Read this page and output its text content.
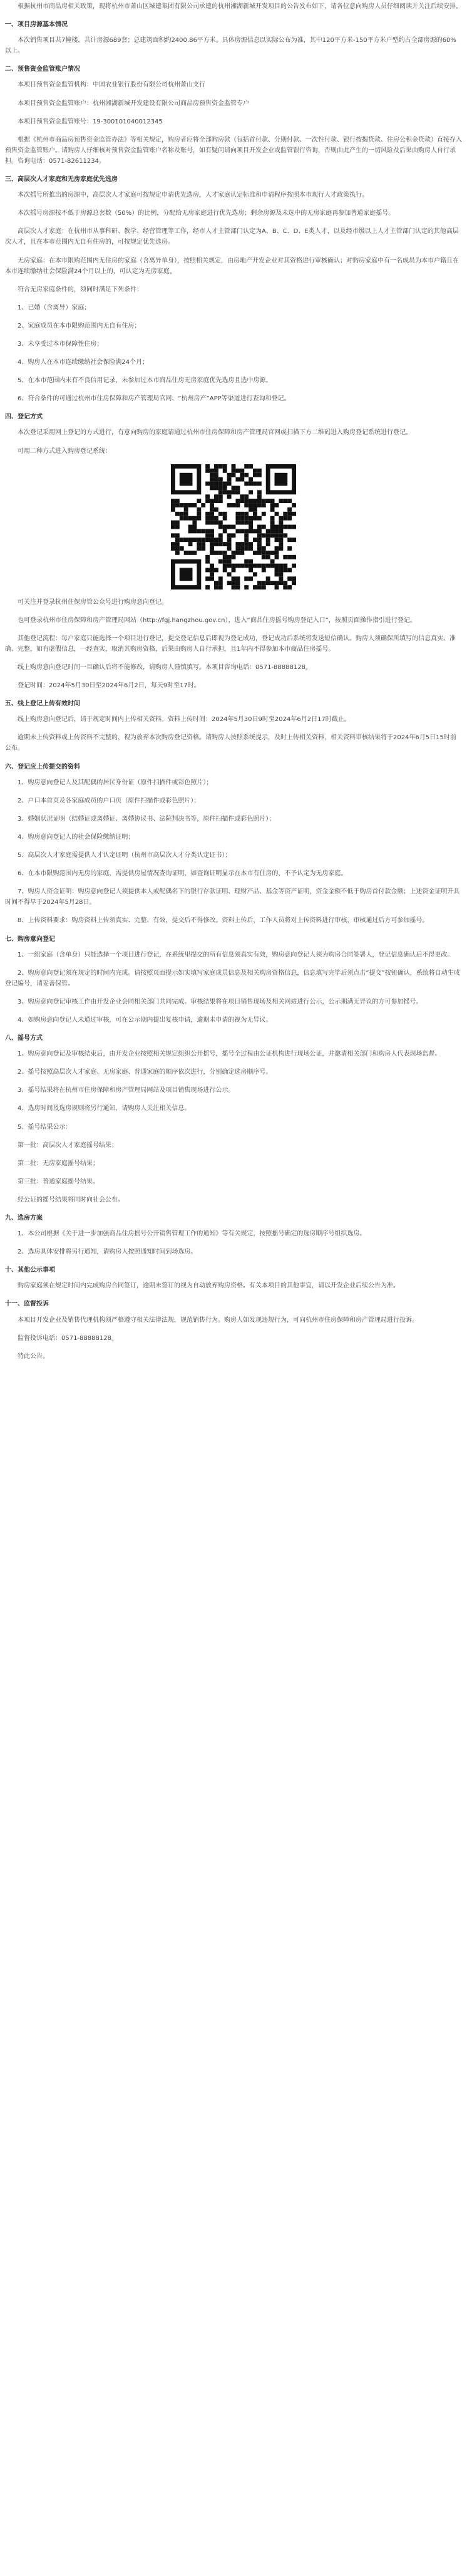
根据杭州市商品房相关政策，现将杭州市萧山区城建集团有限公司承建的杭州湘湖新城开发项目的公告发布如下，请各位意向购房人员仔细阅读并关注后续安排。

一、项目房源基本情况

本次销售项目共7幢楼，共计房源689套；总建筑面积约2400.86平方米。具体房源信息以实际公布为准，其中120平方米-150平方米户型约占全部房源的60%以上。

二、预售资金监管账户情况

本项目预售资金监管机构：中国农业银行股份有限公司杭州萧山支行

本项目预售资金监管账户：杭州湘湖新城开发建设有限公司商品房预售资金监管专户

本项目预售资金监管账号：19-300101040012345

根据《杭州市商品房预售资金监管办法》等相关规定，购房者应将全部购房款（包括首付款、分期付款、一次性付款、银行按揭贷款、住房公积金贷款）直接存入预售资金监管账户。请购房人仔细核对预售资金监管账户名称及账号，如有疑问请向项目开发企业或监管银行咨询，否则由此产生的一切风险及后果由购房人自行承担。咨询电话：0571-82611234。

三、高层次人才家庭和无房家庭优先选房

本次摇号所推出的房源中，高层次人才家庭可按规定申请优先选房，人才家庭认定标准和申请程序按照本市现行人才政策执行。

本次摇号房源按不低于房源总套数（50%）的比例，分配给无房家庭进行优先选房；剩余房源及未选中的无房家庭再参加普通家庭摇号。

高层次人才家庭：在杭州市从事科研、教学、经营管理等工作，经市人才主管部门认定为A、B、C、D、E类人才，以及经市级以上人才主管部门认定的其他高层次人才，且在本市范围内无自有住房的，可按规定优先选房。

无房家庭：在本市限购范围内无住房的家庭（含离异单身），按照相关规定，由房地产开发企业对其资格进行审核确认；对购房家庭中有一名成员为本市户籍且在本市连续缴纳社会保险满24个月以上的，可认定为无房家庭。

符合无房家庭条件的，须同时满足下列条件：

1、已婚（含离异）家庭；

2、家庭成员在本市限购范围内无自有住房；

3、未享受过本市保障性住房；

4、购房人在本市连续缴纳社会保险满24个月；

5、在本市范围内未有不良信用记录，未参加过本市商品住房无房家庭优先选房且选中房源。

6、符合条件的可通过杭州市住房保障和房产管理局官网、“杭州房产”APP等渠道进行查询和登记。

四、登记方式

本次登记采用网上登记的方式进行，有意向购房的家庭请通过杭州市住房保障和房产管理局官网或扫描下方二维码进入购房登记系统进行登记。

可用二种方式进入购房登记系统：

可关注并登录杭州住保房管公众号进行购房意向登记。

也可登录杭州市住房保障和房产管理局网站（http://fgj.hangzhou.gov.cn），进入“商品住房摇号购房登记入口”，按照页面操作指引进行登记。

其他登记流程：每户家庭只能选择一个项目进行登记，提交登记信息后即视为登记成功，登记成功后系统将发送短信确认。购房人须确保所填写的信息真实、准确、完整，如有虚假信息，一经查实，取消其购房资格，后果由购房人自行承担，且1年内不得参加本市商品住房摇号。

线上购房意向登记时间一旦确认后将不能修改，请购房人谨慎填写。本项目咨询电话：0571-88888128。

登记时间：2024年5月30日至2024年6月2日，每天9时至17时。

五、线上登记上传有效时间

线上购房意向登记后，请于规定时间内上传相关资料。资料上传时间：2024年5月30日9时至2024年6月2日17时截止。

逾期未上传资料或上传资料不完整的，视为放弃本次购房登记资格。请购房人按照系统提示，及时上传相关资料，相关资料审核结果将于2024年6月5日15时前公布。

六、登记应上传提交的资料

1、购房意向登记人及其配偶的居民身份证（原件扫描件或彩色照片）；

2、户口本首页及各家庭成员的户口页（原件扫描件或彩色照片）；

3、婚姻状况证明（结婚证或离婚证、离婚协议书、法院判决书等，原件扫描件或彩色照片）；

4、购房意向登记人的社会保险缴纳证明；

5、高层次人才家庭需提供人才认定证明（杭州市高层次人才分类认定证书）；

6、在本市限购范围内无房的家庭，需提供房屋情况查询证明，如查询证明显示在本市有住房的，不予认定为无房家庭。

7、购房人资金证明：购房意向登记人须提供本人或配偶名下的银行存款证明、理财产品、基金等资产证明，资金金额不低于购房首付款金额；上述资金证明开具时间不得早于2024年5月28日。

8、上传资料要求：购房资料上传须真实、完整、有效，提交后不得修改。资料上传后，工作人员将对上传资料进行审核，审核通过后方可参加摇号。

七、购房意向登记

1、一组家庭（含单身）只能选择一个项目进行登记，在系统里提交的所有信息须真实有效，购房意向登记人须为购房合同签署人，登记信息确认后不得更改。

2、购房意向登记须在规定的时间内完成。请按照页面提示如实填写家庭成员信息及相关购房资格信息，信息填写完毕后须点击“提交”按钮确认，系统将自动生成登记编号，请妥善保管。

3、购房意向登记审核工作由开发企业会同相关部门共同完成。审核结果将在项目销售现场及相关网站进行公示，公示期满无异议的方可参加摇号。

4、如购房意向登记人未通过审核，可在公示期内提出复核申请，逾期未申请的视为无异议。

八、摇号方式

1、购房意向登记及审核结束后，由开发企业按照相关规定组织公开摇号，摇号全过程由公证机构进行现场公证，并邀请相关部门和购房人代表现场监督。

2、摇号按照高层次人才家庭、无房家庭、普通家庭的顺序依次进行，分别确定选房顺序号。

3、摇号结果将在杭州市住房保障和房产管理局网站及项目销售现场进行公示。

4、选房时间及选房规则将另行通知，请购房人关注相关信息。

5、摇号结果公示：

第一批：高层次人才家庭摇号结果；

第二批：无房家庭摇号结果；

第三批：普通家庭摇号结果。

经公证的摇号结果将同时向社会公布。

九、选房方案

1、本公司根据《关于进一步加强商品住房摇号公开销售管理工作的通知》等有关规定，按照摇号确定的选房顺序号组织选房。

2、选房具体安排将另行通知，请购房人按照通知时间到场选房。

十、其他公示事项

购房家庭须在规定时间内完成购房合同签订，逾期未签订的视为自动放弃购房资格。有关本项目的其他事宜，请以开发企业后续公告为准。

十一、监督投诉

本项目开发企业及销售代理机构须严格遵守相关法律法规，规范销售行为。购房人如发现违规行为，可向杭州市住房保障和房产管理局进行投诉。

监督投诉电话：0571-88888128。

特此公告。
